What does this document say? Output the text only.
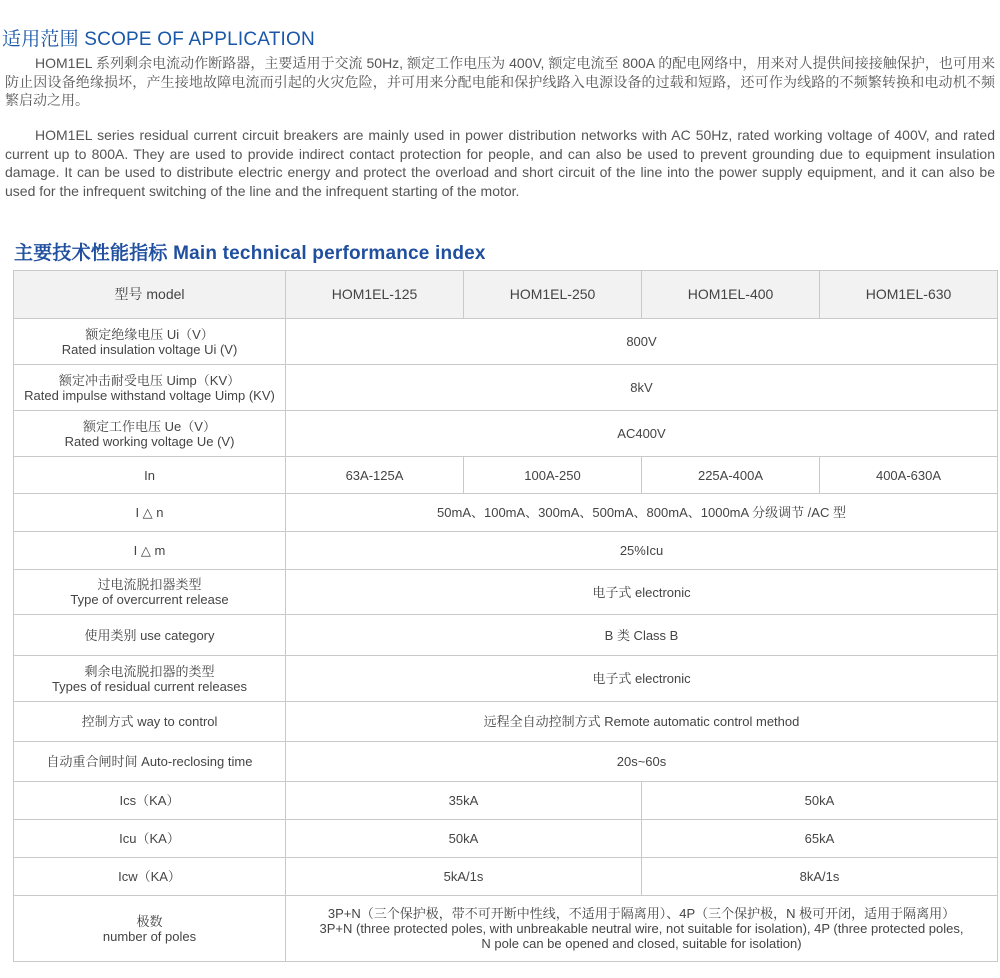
适用范围 SCOPE OF APPLICATION

HOM1EL 系列剩余电流动作断路器，主要适用于交流 50Hz, 额定工作电压为 400V, 额定电流至 800A 的配电网络中，用来对人提供间接接触保护，也可用来防止因设备绝缘损坏，产生接地故障电流而引起的火灾危险，并可用来分配电能和保护线路入电源设备的过载和短路，还可作为线路的不频繁转换和电动机不频繁启动之用。

HOM1EL series residual current circuit breakers are mainly used in power distribution networks with AC 50Hz, rated working voltage of 400V, and rated current up to 800A. They are used to provide indirect contact protection for people, and can also be used to prevent grounding due to equipment insulation damage. It can be used to distribute electric energy and protect the overload and short circuit of the line into the power supply equipment, and it can also be used for the infrequent switching of the line and the infrequent starting of the motor.

主要技术性能指标 Main technical performance index
型号 model	HOM1EL-125	HOM1EL-250	HOM1EL-400	HOM1EL-630

额定绝缘电压 Ui（V）
Rated insulation voltage Ui (V)	800V			

额定冲击耐受电压 Uimp（KV）
Rated impulse withstand voltage Uimp (KV)	8kV			

额定工作电压 Ue（V）
Rated working voltage Ue (V)	AC400V			
In	63A-125A	100A-250	225A-400A	400A-630A
I △ n	50mA、100mA、300mA、500mA、800mA、1000mA 分级调节 /AC 型			
I △ m	25%Icu			

过电流脱扣器类型
Type of overcurrent release	电子式 electronic			
使用类别 use category	B 类 Class B			

剩余电流脱扣器的类型
Types of residual current releases	电子式 electronic			
控制方式 way to control	远程全自动控制方式 Remote automatic control method			
自动重合闸时间 Auto-reclosing time	20s~60s			
Ics（KA）	35kA		50kA	
Icu（KA）	50kA		65kA	
Icw（KA）	5kA/1s		8kA/1s	

极数
number of poles	3P+N（三个保护极，带不可开断中性线，不适用于隔离用）、4P（三个保护极，N 极可开闭，适用于隔离用）
3P+N (three protected poles, with unbreakable neutral wire, not suitable for isolation), 4P (three protected poles,
N pole can be opened and closed, suitable for isolation)			
